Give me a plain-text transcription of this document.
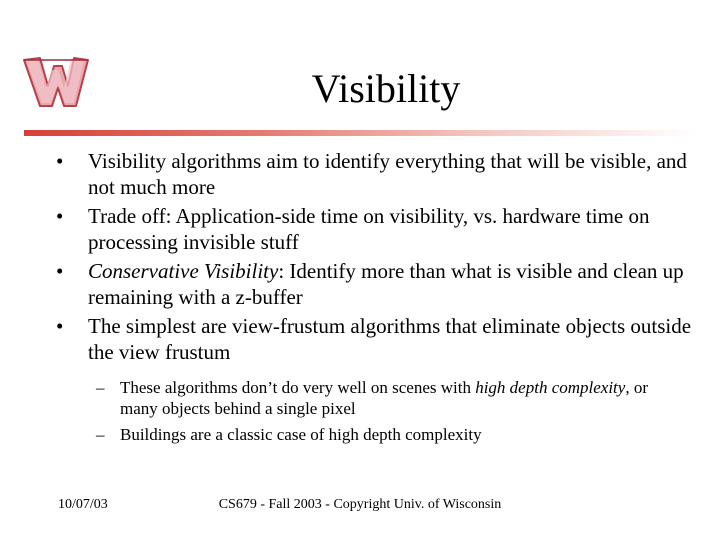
Visibility
• Visibility algorithms aim to identify everything that will be visible, and not much more
• Trade off: Application-side time on visibility, vs. hardware time on processing invisible stuff
• Conservative Visibility: Identify more than what is visible and clean up remaining with a z-buffer
• The simplest are view-frustum algorithms that eliminate objects outside the view frustum
– These algorithms don’t do very well on scenes with high depth complexity, or many objects behind a single pixel
– Buildings are a classic case of high depth complexity
10/07/03	CS679 - Fall 2003 - Copyright Univ. of Wisconsin
